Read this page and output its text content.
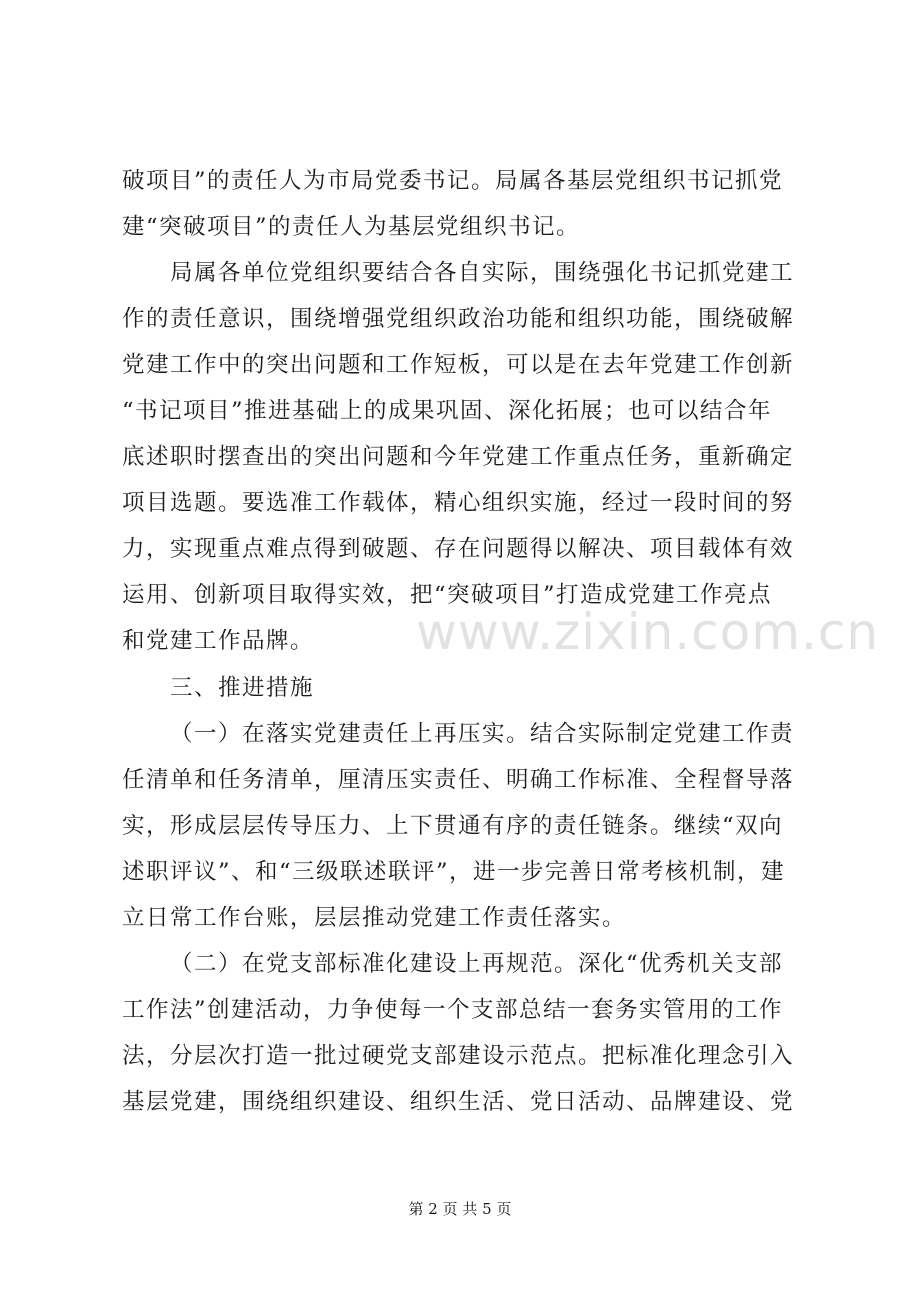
破项目”的责任人为市局党委书记。局属各基层党组织书记抓党
建“突破项目”的责任人为基层党组织书记。
局属各单位党组织要结合各自实际，围绕强化书记抓党建工
作的责任意识，围绕增强党组织政治功能和组织功能，围绕破解
党建工作中的突出问题和工作短板，可以是在去年党建工作创新
“书记项目”推进基础上的成果巩固、深化拓展；也可以结合年
底述职时摆查出的突出问题和今年党建工作重点任务，重新确定
项目选题。要选准工作载体，精心组织实施，经过一段时间的努
力，实现重点难点得到破题、存在问题得以解决、项目载体有效
运用、创新项目取得实效，把“突破项目”打造成党建工作亮点
和党建工作品牌。
三、推进措施
（一）在落实党建责任上再压实。结合实际制定党建工作责
任清单和任务清单，厘清压实责任、明确工作标准、全程督导落
实，形成层层传导压力、上下贯通有序的责任链条。继续“双向
述职评议”、和“三级联述联评”，进一步完善日常考核机制，建
立日常工作台账，层层推动党建工作责任落实。
（二）在党支部标准化建设上再规范。深化“优秀机关支部
工作法”创建活动，力争使每一个支部总结一套务实管用的工作
法，分层次打造一批过硬党支部建设示范点。把标准化理念引入
基层党建，围绕组织建设、组织生活、党日活动、品牌建设、党
www.zixin.com.cn
第 2 页 共 5 页
